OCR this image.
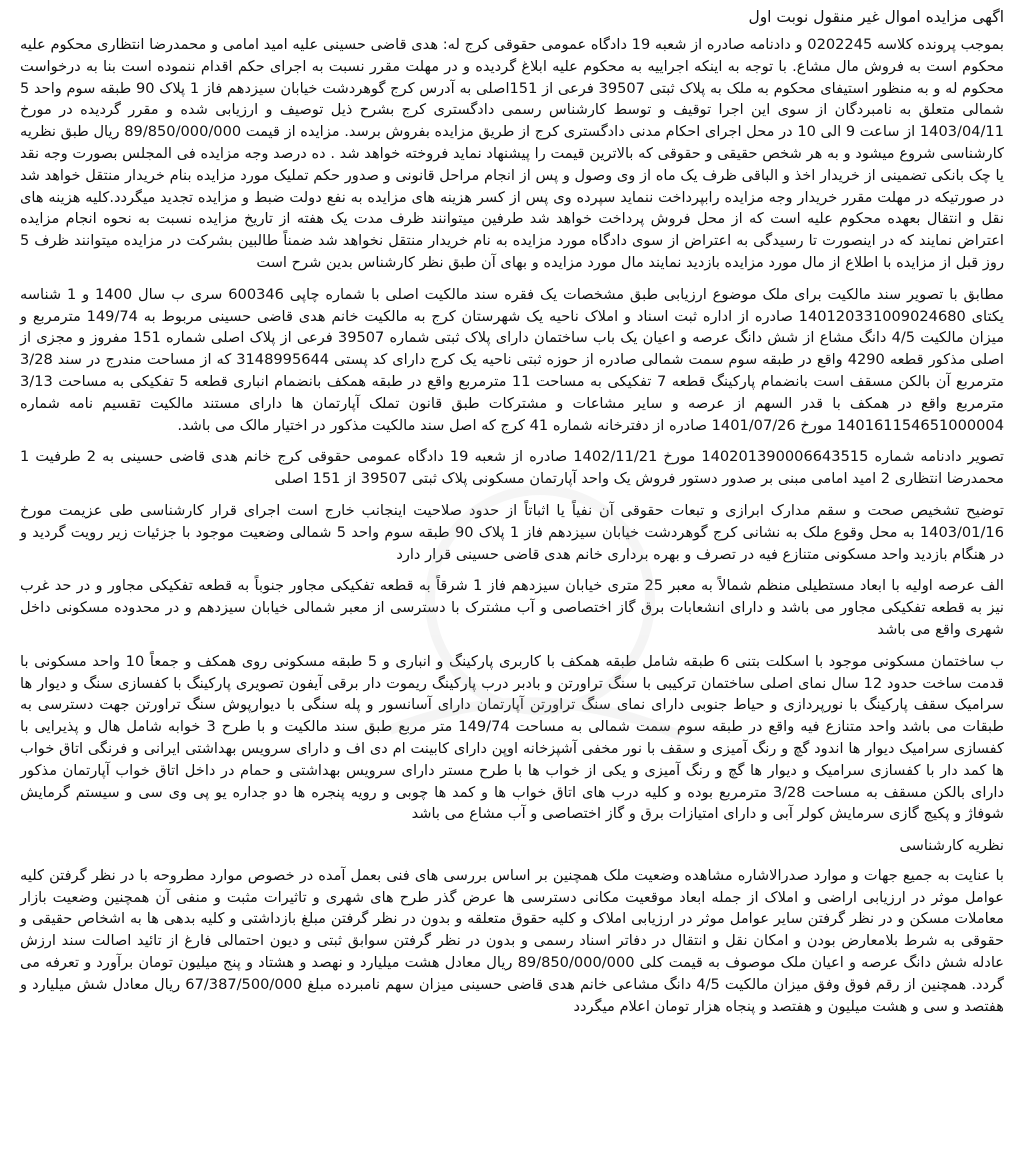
اگهی مزایده اموال غیر منقول نوبت اول

بموجب پرونده کلاسه 0202245 و دادنامه صادره از شعبه 19 دادگاه عمومی حقوقی کرج له: هدی قاضی حسینی علیه امید امامی و محمدرضا انتظاری محکوم علیه محکوم است به فروش مال مشاع. با توجه به اینکه اجراییه به محکوم علیه ابلاغ گردیده و در مهلت مقرر نسبت به اجرای حکم اقدام ننموده است بنا به درخواست محکوم له و به منظور استیفای محکوم به ملک به پلاک ثبتی 39507 فرعی از 151اصلی به آدرس کرج گوهردشت خیابان سیزدهم فاز 1 پلاک 90 طبقه سوم واحد 5 شمالی متعلق به نامبردگان از سوی این اجرا توقیف و توسط کارشناس رسمی دادگستری کرج بشرح ذیل توصیف و ارزیابی شده و مقرر گردیده در مورخ 1403/04/11 از ساعت 9 الی 10 در محل اجرای احکام مدنی دادگستری کرج از طریق مزایده بفروش برسد. مزایده از قیمت 89/850/000/000 ریال طبق نظریه کارشناسی شروع میشود و به هر شخص حقیقی و حقوقی که بالاترین قیمت را پیشنهاد نماید فروخته خواهد شد . ده درصد وجه مزایده فی المجلس بصورت وجه نقد یا چک بانکی تضمینی از خریدار اخذ و الباقی ظرف یک ماه از وی وصول و پس از انجام مراحل قانونی و صدور حکم تملیک مورد مزایده بنام خریدار منتقل خواهد شد در صورتیکه در مهلت مقرر خریدار وجه مزایده رابپرداخت ننماید سپرده وی پس از کسر هزینه های مزایده به نفع دولت ضبط و مزایده تجدید میگردد.کلیه هزینه های نقل و انتقال بعهده محکوم علیه است که از محل فروش پرداخت خواهد شد طرفین میتوانند ظرف مدت یک هفته از تاریخ مزایده نسبت به نحوه انجام مزایده اعتراض نمایند که در اینصورت تا رسیدگی به اعتراض از سوی دادگاه مورد مزایده به نام خریدار منتقل نخواهد شد ضمناً طالبین بشرکت در مزایده میتوانند ظرف 5 روز قبل از مزایده با اطلاع از مال مورد مزایده بازدید نمایند مال مورد مزایده و بهای آن طبق نظر کارشناس بدین شرح است

مطابق با تصویر سند مالکیت برای ملک موضوع ارزیابی طبق مشخصات یک فقره سند مالکیت اصلی با شماره چاپی 600346 سری ب سال 1400 و 1 شناسه یکتای 140120331009024680 صادره از اداره ثبت اسناد و املاک ناحیه یک شهرستان کرج به مالکیت خانم هدی قاضی حسینی مربوط به 149/74 مترمربع و میزان مالکیت 4/5 دانگ مشاع از شش دانگ عرصه و اعیان یک باب ساختمان دارای پلاک ثبتی شماره 39507 فرعی از پلاک اصلی شماره 151 مفروز و مجزی از اصلی مذکور قطعه 4290 واقع در طبقه سوم سمت شمالی صادره از حوزه ثبتی ناحیه یک کرج دارای کد پستی 3148995644 که از مساحت مندرج در سند 3/28 مترمربع آن بالکن مسقف است بانضمام پارکینگ قطعه 7 تفکیکی به مساحت 11 مترمربع واقع در طبقه همکف بانضمام انباری قطعه 5 تفکیکی به مساحت 3/13 مترمربع واقع در همکف با قدر السهم از عرصه و سایر مشاعات و مشترکات طبق قانون تملک آپارتمان ها دارای مستند مالکیت تقسیم نامه شماره 140161154651000004 مورخ 1401/07/26 صادره از دفترخانه شماره 41 کرج که اصل سند مالکیت مذکور در اختیار مالک می باشد.

تصویر دادنامه شماره 140201390006643515 مورخ 1402/11/21 صادره از شعبه 19 دادگاه عمومی حقوقی کرج خانم هدی قاضی حسینی به 2 طرفیت 1 محمدرضا انتظاری 2 امید امامی مبنی بر صدور دستور فروش یک واحد آپارتمان مسکونی پلاک ثبتی 39507 از 151 اصلی

توضیح تشخیص صحت و سقم مدارک ابرازی و تبعات حقوقی آن نفیاً یا اثباتاً از حدود صلاحیت اینجانب خارج است اجرای قرار کارشناسی طی عزیمت مورخ 1403/01/16 به محل وقوع ملک به نشانی کرج گوهردشت خیابان سیزدهم فاز 1 پلاک 90 طبقه سوم واحد 5 شمالی وضعیت موجود با جزئیات زیر رویت گردید و در هنگام بازدید واحد مسکونی متنازع فیه در تصرف و بهره برداری خانم هدی قاضی حسینی قرار دارد

الف عرصه اولیه با ابعاد مستطیلی منظم شمالاً به معبر 25 متری خیابان سیزدهم فاز 1 شرقاً به قطعه تفکیکی مجاور جنوباً به قطعه تفکیکی مجاور و در حد غرب نیز به قطعه تفکیکی مجاور می باشد و دارای انشعابات برق گاز اختصاصی و آب مشترک با دسترسی از معبر شمالی خیابان سیزدهم و در محدوده مسکونی داخل شهری واقع می باشد

ب ساختمان مسکونی موجود با اسکلت بتنی 6 طبقه شامل طبقه همکف با کاربری پارکینگ و انباری و 5 طبقه مسکونی روی همکف و جمعاً 10 واحد مسکونی با قدمت ساخت حدود 12 سال نمای اصلی ساختمان ترکیبی با سنگ تراورتن و بادبر درب پارکینگ ریموت دار برقی آیفون تصویری پارکینگ با کفسازی سنگ و دیوار ها سرامیک سقف پارکینگ با نورپردازی و حیاط جنوبی دارای نمای سنگ تراورتن آپارتمان دارای آسانسور و پله سنگی با دیوارپوش سنگ تراورتن جهت دسترسی به طبقات می باشد واحد متنازع فیه واقع در طبقه سوم سمت شمالی به مساحت 149/74 متر مربع طبق سند مالکیت و با طرح 3 خوابه شامل هال و پذیرایی با کفسازی سرامیک دیوار ها اندود گچ و رنگ آمیزی و سقف با نور مخفی آشپزخانه اوپن دارای کابینت ام دی اف و دارای سرویس بهداشتی ایرانی و فرنگی اتاق خواب ها کمد دار با کفسازی سرامیک و دیوار ها گچ و رنگ آمیزی و یکی از خواب ها با طرح مستر دارای سرویس بهداشتی و حمام در داخل اتاق خواب آپارتمان مذکور دارای بالکن مسقف به مساحت 3/28 مترمربع بوده و کلیه درب های اتاق خواب ها و کمد ها چوبی و رویه پنجره ها دو جداره یو پی وی سی و سیستم گرمایش شوفاژ و پکیج گازی سرمایش کولر آبی و دارای امتیازات برق و گاز اختصاصی و آب مشاع می باشد

نظریه کارشناسی

با عنایت به جمیع جهات و موارد صدرالاشاره مشاهده وضعیت ملک همچنین بر اساس بررسی های فنی بعمل آمده در خصوص موارد مطروحه با در نظر گرفتن کلیه عوامل موثر در ارزیابی اراضی و املاک از جمله ابعاد موقعیت مکانی دسترسی ها عرض گذر طرح های شهری و تاثیرات مثبت و منفی آن همچنین وضعیت بازار معاملات مسکن و در نظر گرفتن سایر عوامل موثر در ارزیابی املاک و کلیه حقوق متعلقه و بدون در نظر گرفتن مبلغ بازداشتی و کلیه بدهی ها به اشخاص حقیقی و حقوقی به شرط بلامعارض بودن و امکان نقل و انتقال در دفاتر اسناد رسمی و بدون در نظر گرفتن سوابق ثبتی و دیون احتمالی فارغ از تائید اصالت سند ارزش عادله شش دانگ عرصه و اعیان ملک موصوف به قیمت کلی 89/850/000/000 ریال معادل هشت میلیارد و نهصد و هشتاد و پنج میلیون تومان برآورد و تعرفه می گردد. همچنین از رقم فوق وفق میزان مالکیت 4/5 دانگ مشاعی خانم هدی قاضی حسینی میزان سهم نامبرده مبلغ 67/387/500/000 ریال معادل شش میلیارد و هفتصد و سی و هشت میلیون و هفتصد و پنجاه هزار تومان اعلام میگردد
